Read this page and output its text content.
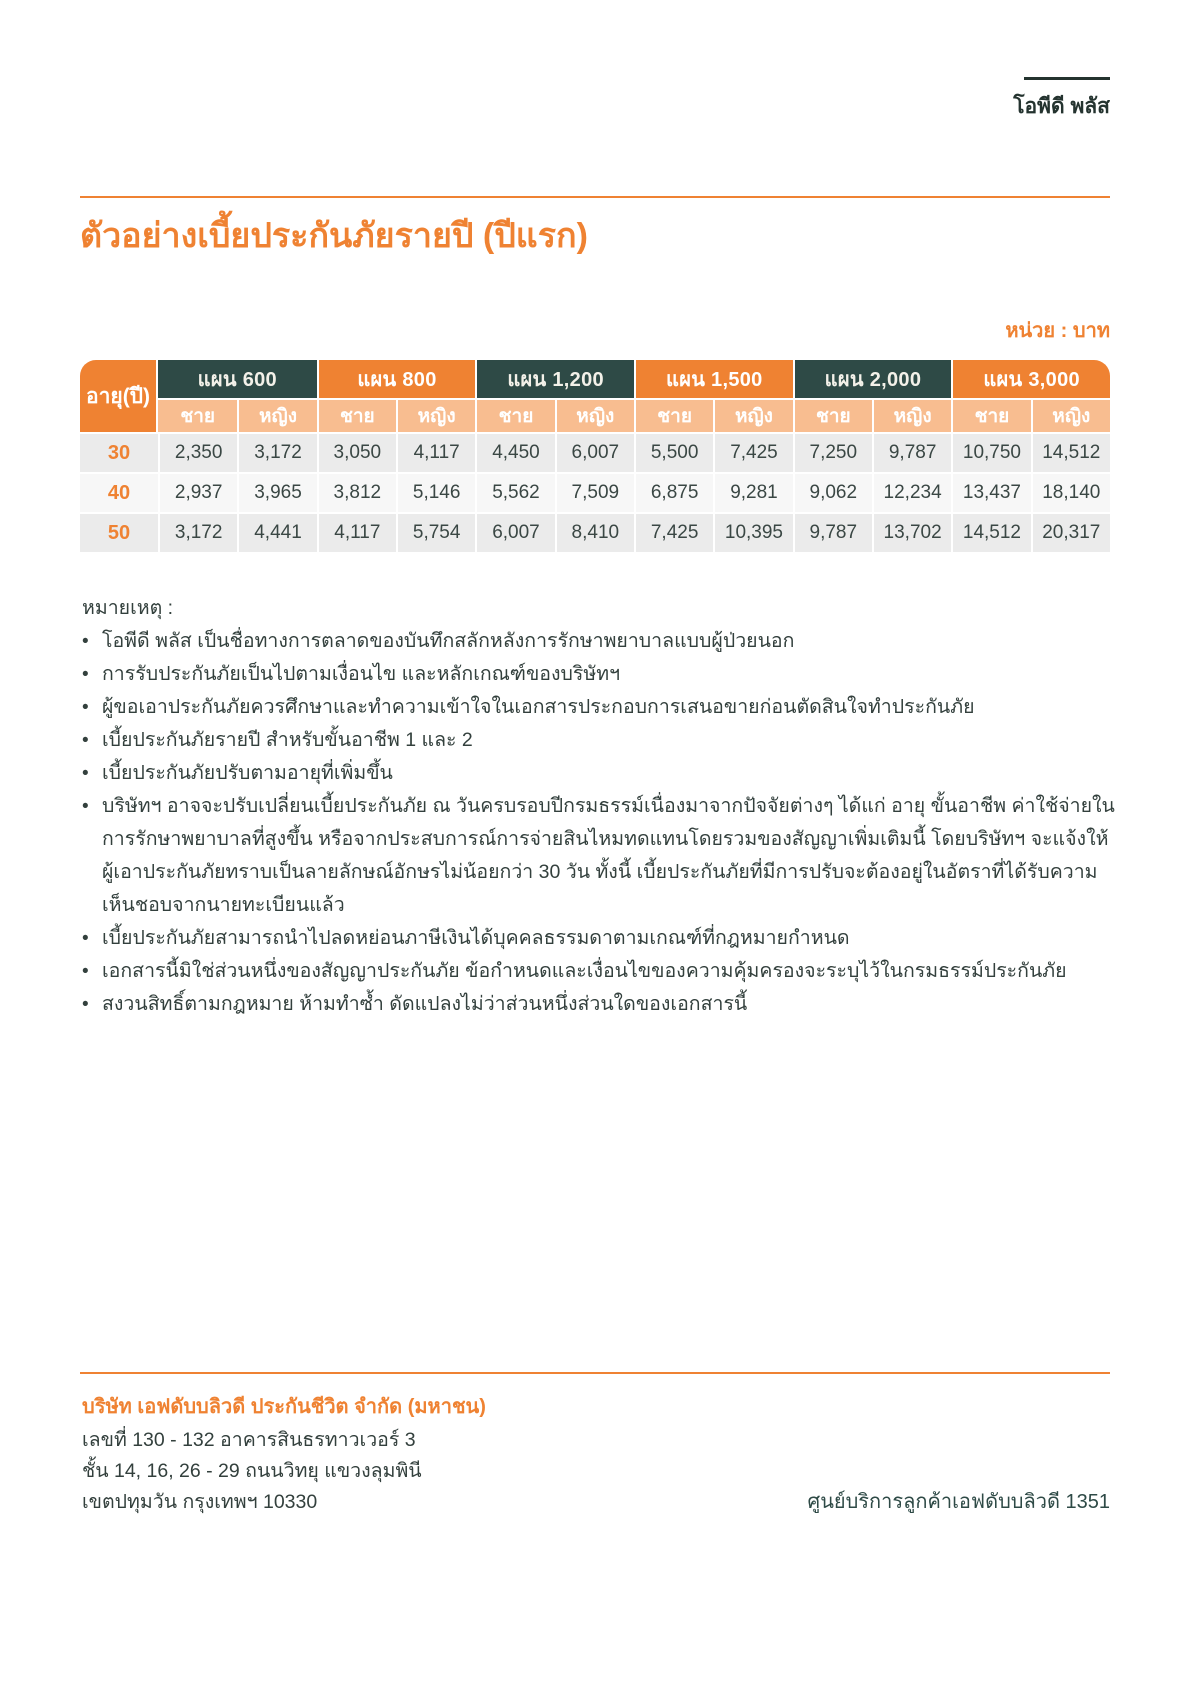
โอพีดี พลัส
ตัวอย่างเบี้ยประกันภัยรายปี (ปีแรก)
หน่วย : บาท
อายุ(ปี)	แผน 600		แผน 800		แผน 1,200		แผน 1,500		แผน 2,000		แผน 3,000	
	ชาย	หญิง	ชาย	หญิง	ชาย	หญิง	ชาย	หญิง	ชาย	หญิง	ชาย	หญิง
30	2,350	3,172	3,050	4,117	4,450	6,007	5,500	7,425	7,250	9,787	10,750	14,512
40	2,937	3,965	3,812	5,146	5,562	7,509	6,875	9,281	9,062	12,234	13,437	18,140
50	3,172	4,441	4,117	5,754	6,007	8,410	7,425	10,395	9,787	13,702	14,512	20,317
หมายเหตุ :
• โอพีดี พลัส เป็นชื่อทางการตลาดของบันทึกสลักหลังการรักษาพยาบาลแบบผู้ป่วยนอก
• การรับประกันภัยเป็นไปตามเงื่อนไข และหลักเกณฑ์ของบริษัทฯ
• ผู้ขอเอาประกันภัยควรศึกษาและทำความเข้าใจในเอกสารประกอบการเสนอขายก่อนตัดสินใจทำประกันภัย
• เบี้ยประกันภัยรายปี สำหรับขั้นอาชีพ 1 และ 2
• เบี้ยประกันภัยปรับตามอายุที่เพิ่มขึ้น
• บริษัทฯ อาจจะปรับเปลี่ยนเบี้ยประกันภัย ณ วันครบรอบปีกรมธรรม์เนื่องมาจากปัจจัยต่างๆ ได้แก่ อายุ ขั้นอาชีพ ค่าใช้จ่ายในการรักษาพยาบาลที่สูงขึ้น หรือจากประสบการณ์การจ่ายสินไหมทดแทนโดยรวมของสัญญาเพิ่มเติมนี้ โดยบริษัทฯ จะแจ้งให้ผู้เอาประกันภัยทราบเป็นลายลักษณ์อักษรไม่น้อยกว่า 30 วัน ทั้งนี้ เบี้ยประกันภัยที่มีการปรับจะต้องอยู่ในอัตราที่ได้รับความเห็นชอบจากนายทะเบียนแล้ว
• เบี้ยประกันภัยสามารถนำไปลดหย่อนภาษีเงินได้บุคคลธรรมดาตามเกณฑ์ที่กฎหมายกำหนด
• เอกสารนี้มิใช่ส่วนหนึ่งของสัญญาประกันภัย ข้อกำหนดและเงื่อนไขของความคุ้มครองจะระบุไว้ในกรมธรรม์ประกันภัย
• สงวนสิทธิ์ตามกฎหมาย ห้ามทำซ้ำ ดัดแปลงไม่ว่าส่วนหนึ่งส่วนใดของเอกสารนี้
บริษัท เอฟดับบลิวดี ประกันชีวิต จำกัด (มหาชน)
เลขที่ 130 - 132 อาคารสินธรทาวเวอร์ 3
ชั้น 14, 16, 26 - 29 ถนนวิทยุ แขวงลุมพินี
เขตปทุมวัน กรุงเทพฯ 10330	ศูนย์บริการลูกค้าเอฟดับบลิวดี 1351
